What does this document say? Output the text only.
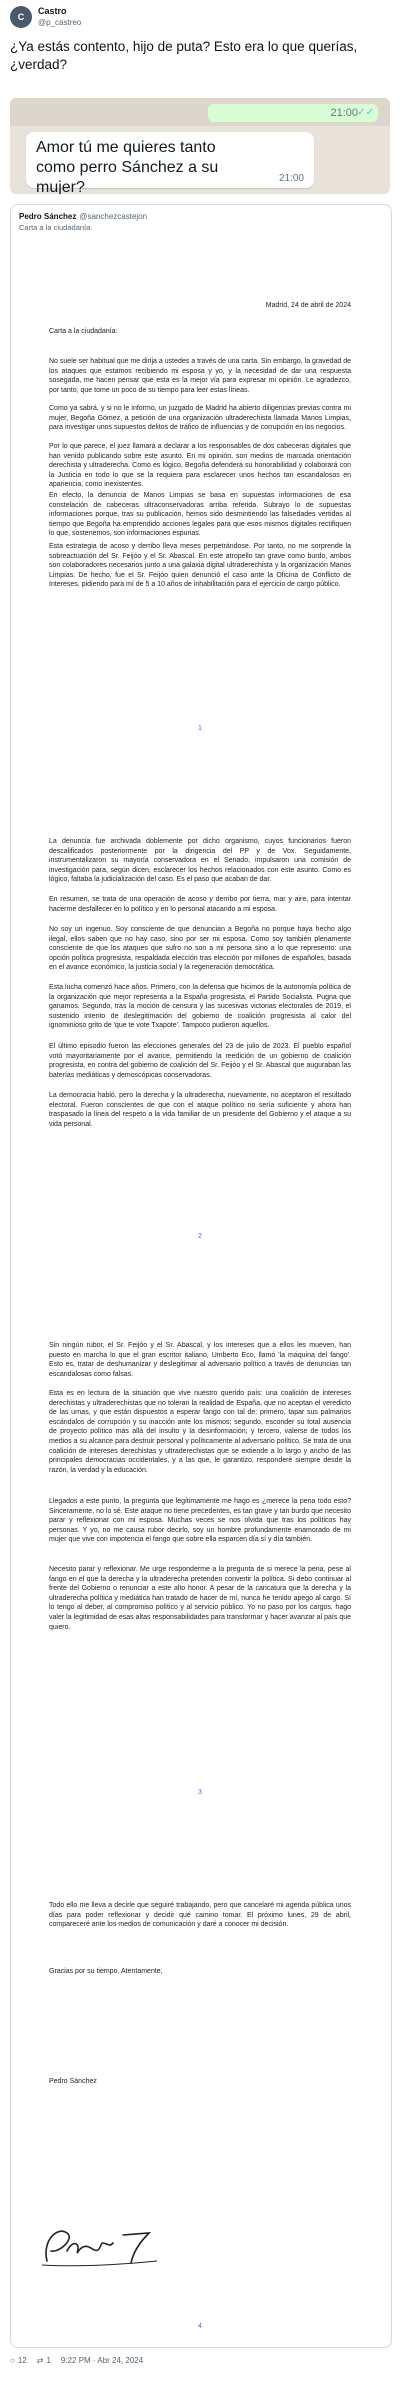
C
Castro
@p_castreo
¿Ya estás contento, hijo de puta? Esto era lo que querías, ¿verdad?
21:00 ✓✓
Amor tú me quieres tanto como perro Sánchez a su mujer?
21:00
Pedro Sánchez @sanchezcastejon
Carta a la ciudadanía.
Madrid, 24 de abril de 2024

Carta a la ciudadanía:

No suele ser habitual que me dirija a ustedes a través de una carta. Sin embargo, la gravedad de los ataques que estamos recibiendo mi esposa y yo, y la necesidad de dar una respuesta sosegada, me hacen pensar que esta es la mejor vía para expresar mi opinión. Le agradezco, por tanto, que tome un poco de su tiempo para leer estas líneas.

Como ya sabrá, y si no le informo, un juzgado de Madrid ha abierto diligencias previas contra mi mujer, Begoña Gómez, a petición de una organización ultraderechista llamada Manos Limpias, para investigar unos supuestos delitos de tráfico de influencias y de corrupción en los negocios.

Por lo que parece, el juez llamará a declarar a los responsables de dos cabeceras digitales que han venido publicando sobre este asunto. En mi opinión, son medios de marcada orientación derechista y ultraderecha. Como es lógico, Begoña defenderá su honorabilidad y colaborará con la Justicia en todo lo que se la requiera para esclarecer unos hechos tan escandalosos en apariencia, como inexistentes.

En efecto, la denuncia de Manos Limpias se basa en supuestas informaciones de esa constelación de cabeceras ultraconservadoras arriba referida. Subrayo lo de supuestas informaciones porque, tras su publicación, hemos sido desmintiendo las falsedades vertidas al tiempo que Begoña ha emprendido acciones legales para que esos mismos digitales rectifiquen lo que, sostenemos, son informaciones espurias.

Esta estrategia de acoso y derribo lleva meses perpetrándose. Por tanto, no me sorprende la sobreactuación del Sr. Feijóo y el Sr. Abascal. En este atropello tan grave como burdo, ambos son colaboradores necesarios junto a una galaxia digital ultraderechista y la organización Manos Limpias. De hecho, fue el Sr. Feijóo quien denunció el caso ante la Oficina de Conflicto de Intereses, pidiendo para mí de 5 a 10 años de inhabilitación para el ejercicio de cargo público.

1

La denuncia fue archivada doblemente por dicho organismo, cuyos funcionarios fueron descalificados posteriormente por la dirigencia del PP y de Vox. Seguidamente, instrumentalizaron su mayoría conservadora en el Senado, impulsaron una comisión de investigación para, según dicen, esclarecer los hechos relacionados con este asunto. Como es lógico, faltaba la judicialización del caso. Es el paso que acaban de dar.

En resumen, se trata de una operación de acoso y derribo por tierra, mar y aire, para intentar hacerme desfallecer en lo político y en lo personal atacando a mi esposa.

No soy un ingenuo. Soy consciente de que denuncian a Begoña no porque haya hecho algo ilegal, ellos saben que no hay caso, sino por ser mi esposa. Como soy también plenamente consciente de que los ataques que sufro no son a mi persona sino a lo que represento: una opción política progresista, respaldada elección tras elección por millones de españoles, basada en el avance económico, la justicia social y la regeneración democrática.

Esta lucha comenzó hace años. Primero, con la defensa que hicimos de la autonomía política de la organización que mejor representa a la España progresista, el Partido Socialista. Pugna que ganamos. Segundo, tras la moción de censura y las sucesivas victorias electorales de 2019, el sostenido intento de deslegitimación del gobierno de coalición progresista al calor del ignominioso grito de 'que te vote Txapote'. Tampoco pudieron aquellos.

El último episodio fueron las elecciones generales del 23 de julio de 2023. El pueblo español votó mayoritariamente por el avance, permitiendo la reedición de un gobierno de coalición progresista, en contra del gobierno de coalición del Sr. Feijóo y el Sr. Abascal que auguraban las baterías mediáticas y demoscópicas conservadoras.

La democracia habló, pero la derecha y la ultraderecha, nuevamente, no aceptaron el resultado electoral. Fueron conscientes de que con el ataque político no sería suficiente y ahora han traspasado la línea del respeto a la vida familiar de un presidente del Gobierno y el ataque a su vida personal.

2

Sin ningún rubor, el Sr. Feijóo y el Sr. Abascal, y los intereses que a ellos les mueven, han puesto en marcha lo que el gran escritor italiano, Umberto Eco, llamó 'la máquina del fango'. Esto es, tratar de deshumanizar y deslegitimar al adversario político a través de denuncias tan escandalosas como falsas.

Esta es en lectura de la situación que vive nuestro querido país: una coalición de intereses derechistas y ultraderechistas que no toleran la realidad de España, que no aceptan el veredicto de las urnas, y que están dispuestos a esperar fango con tal de: primero, tapar sus palmarios escándalos de corrupción y su inacción ante los mismos; segundo, esconder su total ausencia de proyecto político más allá del insulto y la desinformación; y tercero, valerse de todos los medios a su alcance para destruir personal y políticamente al adversario político. Se trata de una coalición de intereses derechistas y ultraderechistas que se extiende a lo largo y ancho de las principales democracias occidentales, y a las que, le garantizo, responderé siempre desde la razón, la verdad y la educación.

Llegados a este punto, la pregunta que legítimamente me hago es ¿merece la pena todo esto? Sinceramente, no lo sé. Este ataque no tiene precedentes, es tan grave y tan burdo que necesito parar y reflexionar con mi esposa. Muchas veces se nos olvida que tras los políticos hay personas. Y yo, no me causa rubor decirlo, soy un hombre profundamente enamorado de mi mujer que vive con impotencia el fango que sobre ella esparcen día sí y día también.

Necesito parar y reflexionar. Me urge responderme a la pregunta de si merece la pena, pese al fango en el que la derecha y la ultraderecha pretenden convertir la política. Si debo continuar al frente del Gobierno o renunciar a este alto honor. A pesar de la caricatura que la derecha y la ultraderecha política y mediática han tratado de hacer de mí, nunca he tenido apego al cargo. Sí lo tengo al deber, al compromiso político y al servicio público. Yo no paso por los cargos, hago valer la legitimidad de esas altas responsabilidades para transformar y hacer avanzar al país que quiero.

3

Todo ello me lleva a decirle que seguiré trabajando, pero que cancelaré mi agenda pública unos días para poder reflexionar y decidir qué camino tomar. El próximo lunes, 29 de abril, compareceré ante los medios de comunicación y daré a conocer mi decisión.

Gracias por su tiempo. Atentamente,

Pedro Sánchez

4
○ 12 ⇄ 1 9:22 PM · Abr 24, 2024
